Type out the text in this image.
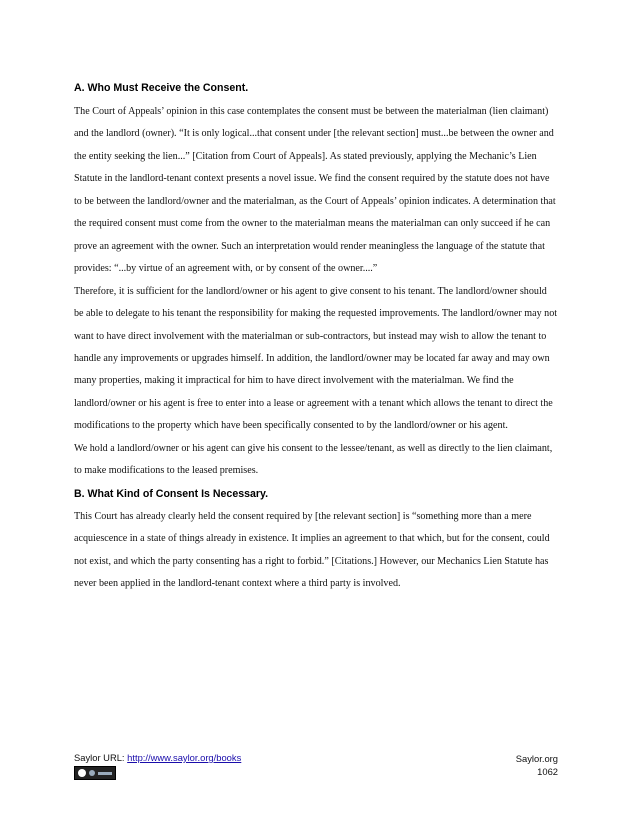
A. Who Must Receive the Consent.

The Court of Appeals’ opinion in this case contemplates the consent must be between the materialman (lien claimant) and the landlord (owner). “It is only logical...that consent under [the relevant section] must...be between the owner and the entity seeking the lien...” [Citation from Court of Appeals]. As stated previously, applying the Mechanic’s Lien Statute in the landlord-tenant context presents a novel issue. We find the consent required by the statute does not have to be between the landlord/owner and the materialman, as the Court of Appeals’ opinion indicates. A determination that the required consent must come from the owner to the materialman means the materialman can only succeed if he can prove an agreement with the owner. Such an interpretation would render meaningless the language of the statute that provides: “...by virtue of an agreement with, or by consent of the owner....”

Therefore, it is sufficient for the landlord/owner or his agent to give consent to his tenant. The landlord/owner should be able to delegate to his tenant the responsibility for making the requested improvements. The landlord/owner may not want to have direct involvement with the materialman or sub-contractors, but instead may wish to allow the tenant to handle any improvements or upgrades himself. In addition, the landlord/owner may be located far away and may own many properties, making it impractical for him to have direct involvement with the materialman. We find the landlord/owner or his agent is free to enter into a lease or agreement with a tenant which allows the tenant to direct the modifications to the property which have been specifically consented to by the landlord/owner or his agent.

We hold a landlord/owner or his agent can give his consent to the lessee/tenant, as well as directly to the lien claimant, to make modifications to the leased premises.

B. What Kind of Consent Is Necessary.

This Court has already clearly held the consent required by [the relevant section] is “something more than a mere acquiescence in a state of things already in existence. It implies an agreement to that which, but for the consent, could not exist, and which the party consenting has a right to forbid.” [Citations.] However, our Mechanics Lien Statute has never been applied in the landlord-tenant context where a third party is involved.

Saylor URL: http://www.saylor.org/books	Saylor.org
1062
